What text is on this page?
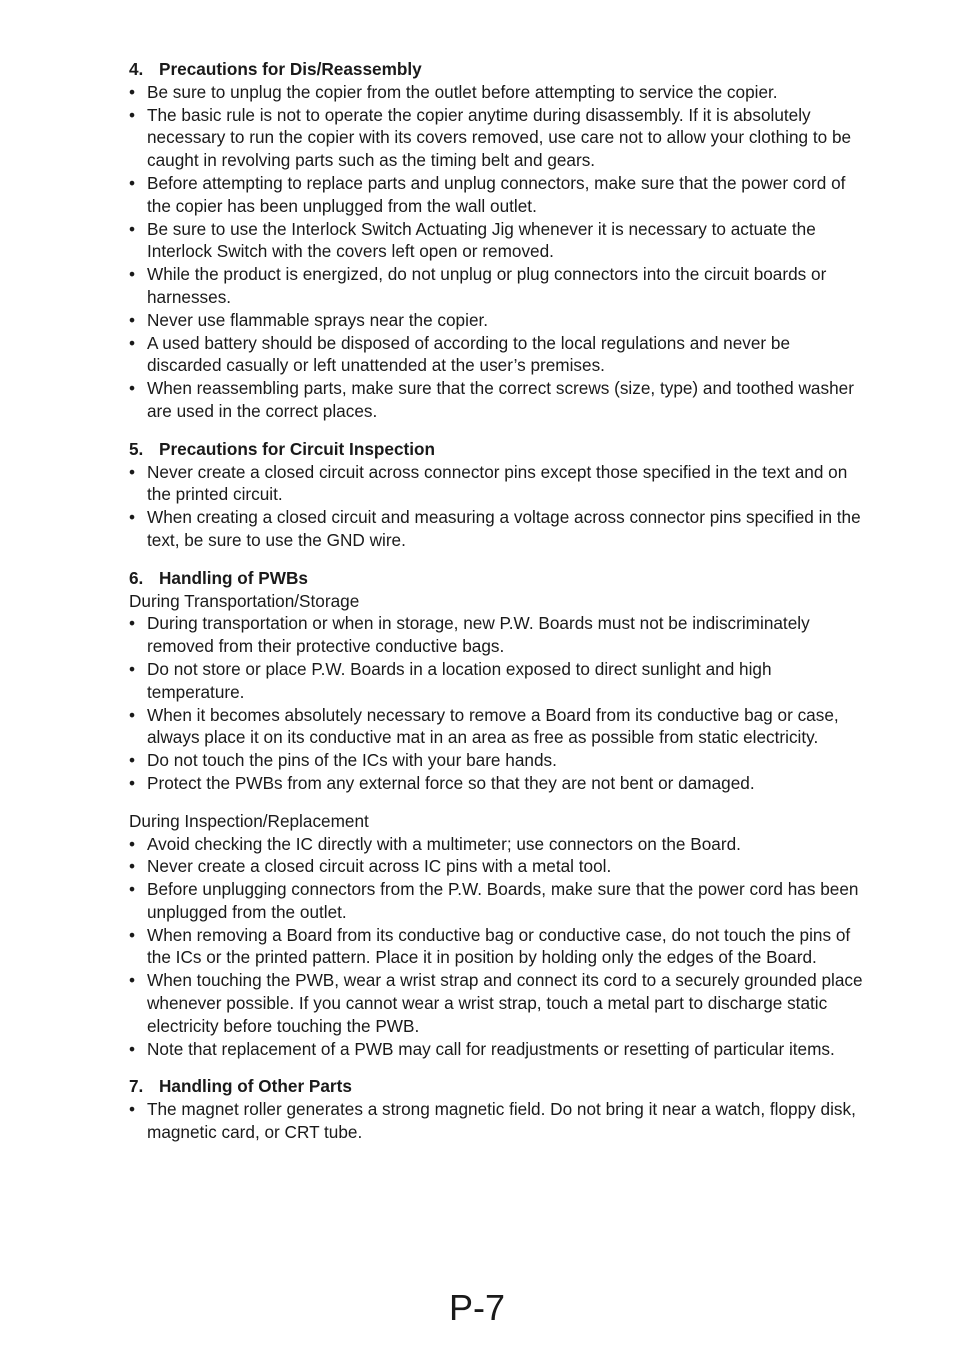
4. Precautions for Dis/Reassembly
• Be sure to unplug the copier from the outlet before attempting to service the copier.
• The basic rule is not to operate the copier anytime during disassembly. If it is absolutely necessary to run the copier with its covers removed, use care not to allow your clothing to be caught in revolving parts such as the timing belt and gears.
• Before attempting to replace parts and unplug connectors, make sure that the power cord of the copier has been unplugged from the wall outlet.
• Be sure to use the Interlock Switch Actuating Jig whenever it is necessary to actuate the Interlock Switch with the covers left open or removed.
• While the product is energized, do not unplug or plug connectors into the circuit boards or harnesses.
• Never use flammable sprays near the copier.
• A used battery should be disposed of according to the local regulations and never be discarded casually or left unattended at the user’s premises.
• When reassembling parts, make sure that the correct screws (size, type) and toothed washer are used in the correct places.
5. Precautions for Circuit Inspection
• Never create a closed circuit across connector pins except those specified in the text and on the printed circuit.
• When creating a closed circuit and measuring a voltage across connector pins specified in the text, be sure to use the GND wire.
6. Handling of PWBs
During Transportation/Storage
• During transportation or when in storage, new P.W. Boards must not be indiscriminately removed from their protective conductive bags.
• Do not store or place P.W. Boards in a location exposed to direct sunlight and high temperature.
• When it becomes absolutely necessary to remove a Board from its conductive bag or case, always place it on its conductive mat in an area as free as possible from static electricity.
• Do not touch the pins of the ICs with your bare hands.
• Protect the PWBs from any external force so that they are not bent or damaged.
During Inspection/Replacement
• Avoid checking the IC directly with a multimeter; use connectors on the Board.
• Never create a closed circuit across IC pins with a metal tool.
• Before unplugging connectors from the P.W. Boards, make sure that the power cord has been unplugged from the outlet.
• When removing a Board from its conductive bag or conductive case, do not touch the pins of the ICs or the printed pattern. Place it in position by holding only the edges of the Board.
• When touching the PWB, wear a wrist strap and connect its cord to a securely grounded place whenever possible. If you cannot wear a wrist strap, touch a metal part to discharge static electricity before touching the PWB.
• Note that replacement of a PWB may call for readjustments or resetting of particular items.
7. Handling of Other Parts
• The magnet roller generates a strong magnetic field. Do not bring it near a watch, floppy disk, magnetic card, or CRT tube.
P-7
